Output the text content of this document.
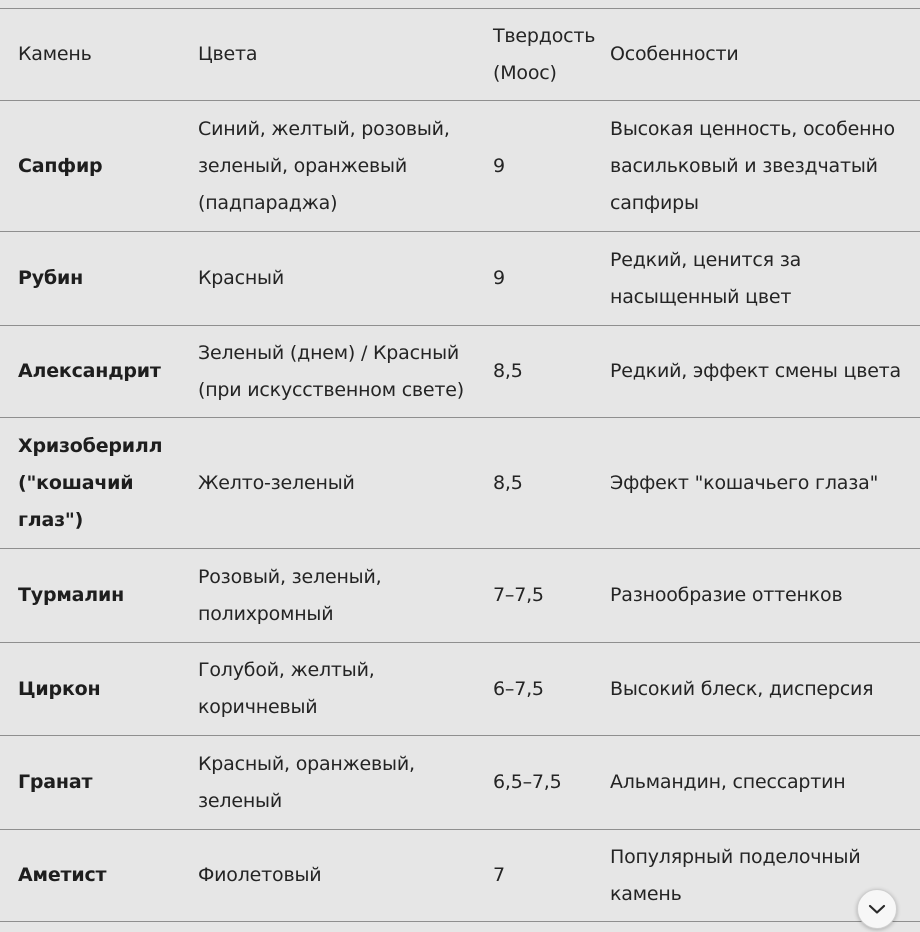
Камень	Цвета	Твердость (Моос)	Особенности
Сапфир	Синий, желтый, розовый, зеленый, оранжевый (падпараджа)	9	Высокая ценность, особенно васильковый и звездчатый сапфиры
Рубин	Красный	9	Редкий, ценится за насыщенный цвет
Александрит	Зеленый (днем) / Красный (при искусственном свете)	8,5	Редкий, эффект смены цвета
Хризоберилл ("кошачий глаз")	Желто-зеленый	8,5	Эффект "кошачьего глаза"
Турмалин	Розовый, зеленый, полихромный	7–7,5	Разнообразие оттенков
Циркон	Голубой, желтый, коричневый	6–7,5	Высокий блеск, дисперсия
Гранат	Красный, оранжевый, зеленый	6,5–7,5	Альмандин, спессартин
Аметист	Фиолетовый	7	Популярный поделочный камень
